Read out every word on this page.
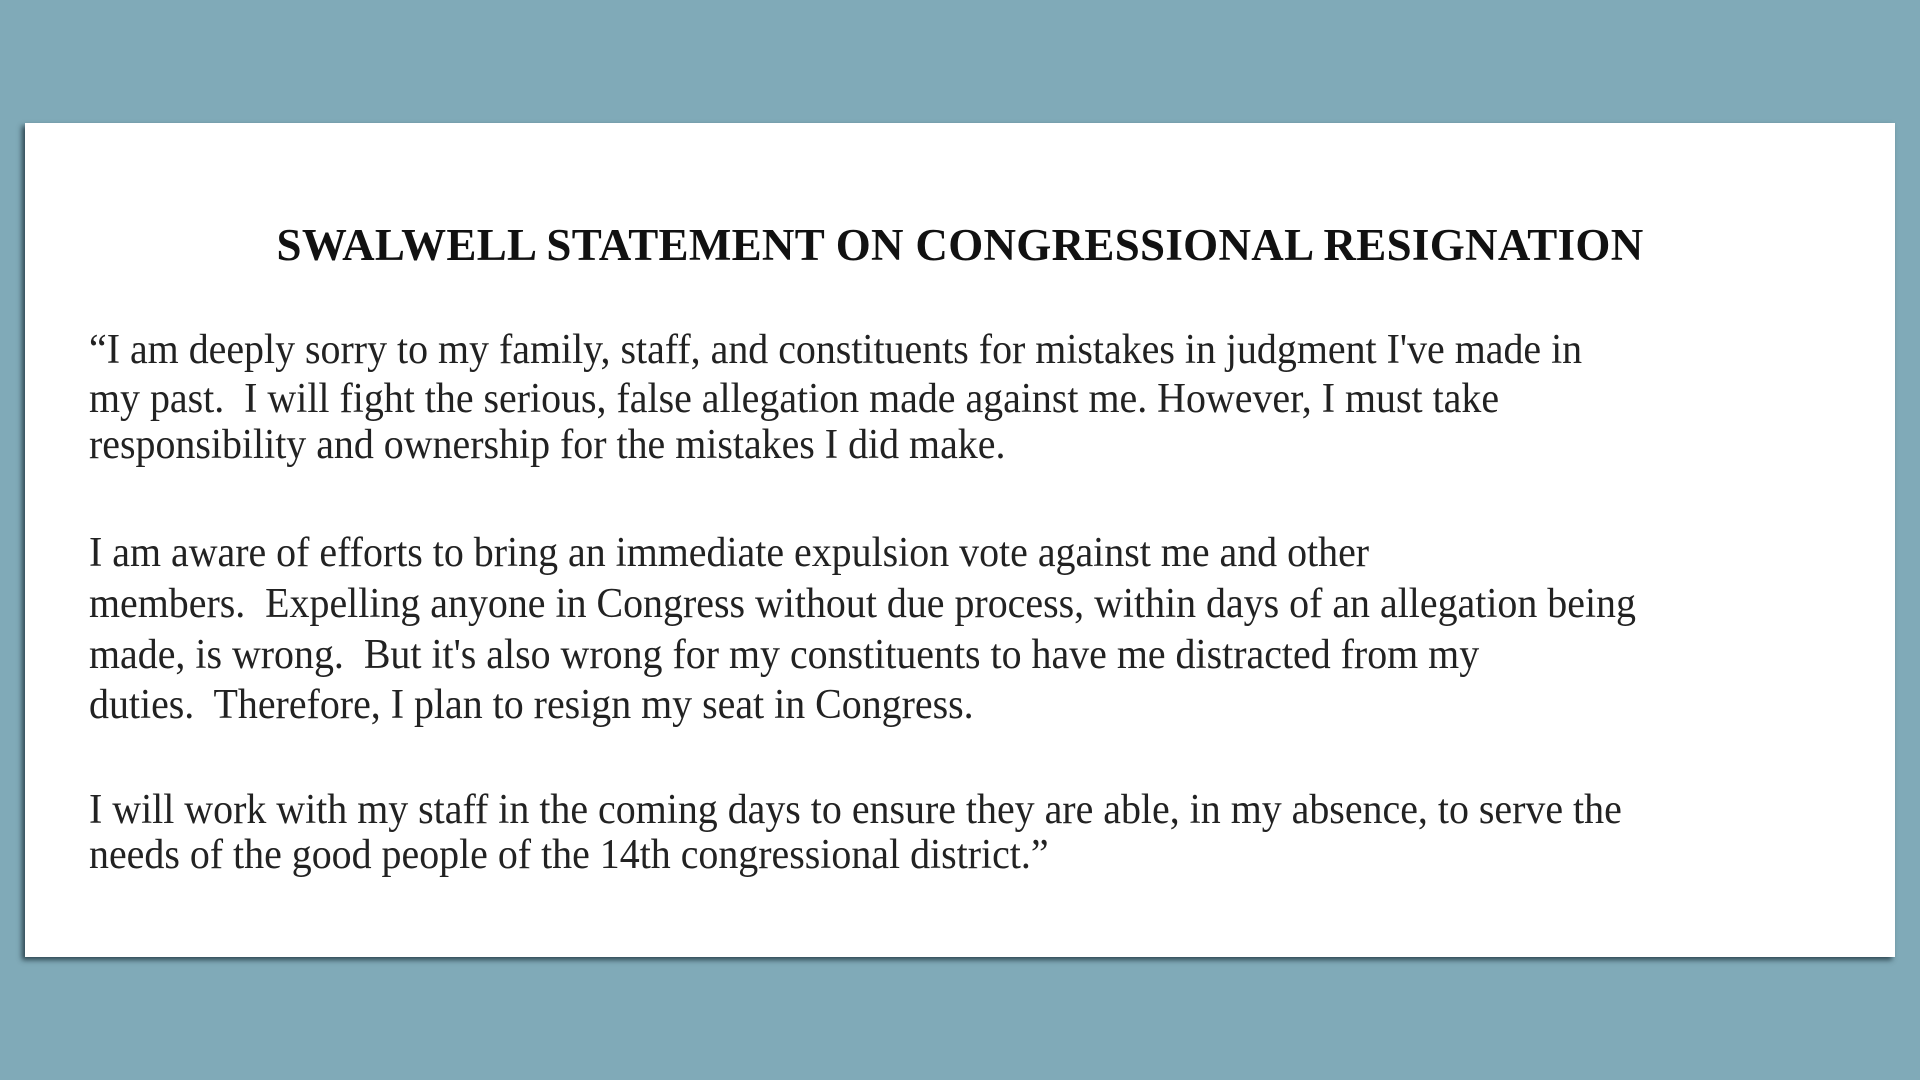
SWALWELL STATEMENT ON CONGRESSIONAL RESIGNATION
“I am deeply sorry to my family, staff, and constituents for mistakes in judgment I've made in
my past.  I will fight the serious, false allegation made against me. However, I must take
responsibility and ownership for the mistakes I did make.
I am aware of efforts to bring an immediate expulsion vote against me and other
members.  Expelling anyone in Congress without due process, within days of an allegation being
made, is wrong.  But it's also wrong for my constituents to have me distracted from my
duties.  Therefore, I plan to resign my seat in Congress.
I will work with my staff in the coming days to ensure they are able, in my absence, to serve the
needs of the good people of the 14th congressional district.”
